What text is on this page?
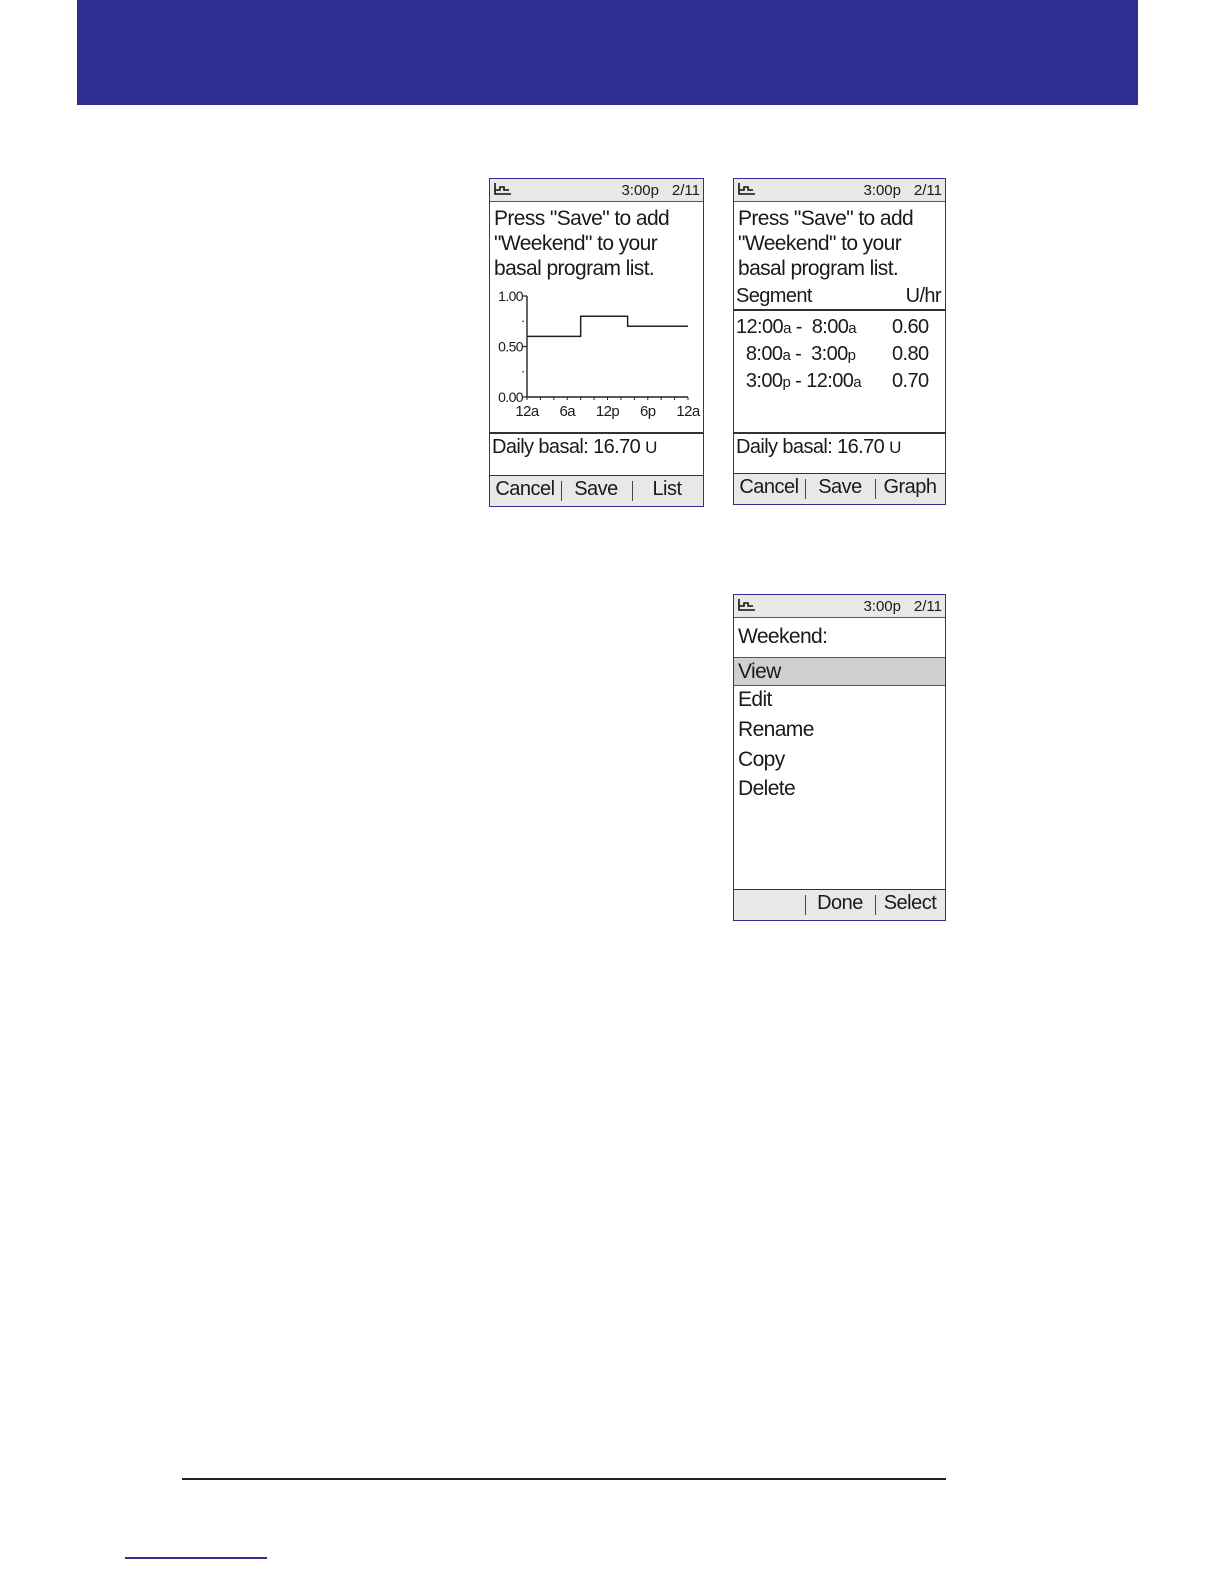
3:00p 2/11
Press "Save" to add
"Weekend" to your
basal program list.
1.00
0.50
0.00
12a 6a 12p 6p 12a
Daily basal: 16.70 U
Cancel Save	List
3:00p 2/11
Press "Save" to add
"Weekend" to your
basal program list.
Segment	U/hr
12:00a -  8:00a 0.60
8:00a -  3:00p 0.80
3:00p - 12:00a 0.70
Daily basal: 16.70 U
Cancel Save	Graph
3:00p 2/11
Weekend:
View
Edit
Rename
Copy
Delete
Done	Select
